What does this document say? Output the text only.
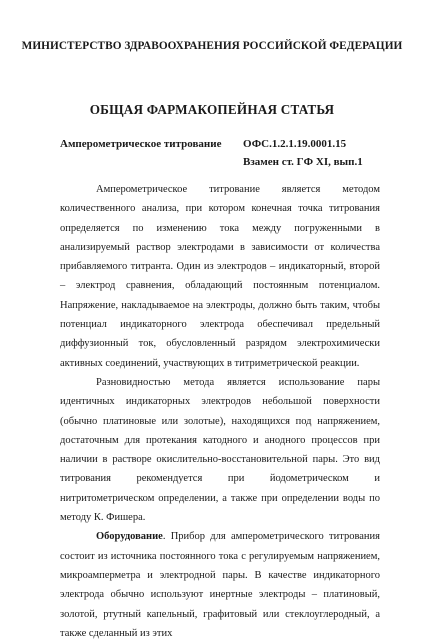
МИНИСТЕРСТВО ЗДРАВООХРАНЕНИЯ РОССИЙСКОЙ ФЕДЕРАЦИИ
ОБЩАЯ ФАРМАКОПЕЙНАЯ СТАТЬЯ
Амперометрическое титрование ОФС.1.2.1.19.0001.15
Взамен ст. ГФ XI, вып.1

Амперометрическое титрование является методом количественного анализа, при котором конечная точка титрования определяется по изменению тока между погруженными в анализируемый раствор электродами в зависимости от количества прибавляемого титранта. Один из электродов – индикаторный, второй – электрод сравнения, обладающий постоянным потенциалом. Напряжение, накладываемое на электроды, должно быть таким, чтобы потенциал индикаторного электрода обеспечивал предельный диффузионный ток, обусловленный разрядом электрохимически активных соединений, участвующих в титриметрической реакции.

Разновидностью метода является использование пары идентичных индикаторных электродов небольшой поверхности (обычно платиновые или золотые), находящихся под напряжением, достаточным для протекания катодного и анодного процессов при наличии в растворе окислительно-восстановительной пары. Это вид титрования рекомендуется при йодометрическом и нитритометрическом определении, а также при определении воды по методу К. Фишера.

Оборудование. Прибор для амперометрического титрования состоит из источника постоянного тока с регулируемым напряжением, микроамперметра и электродной пары. В качестве индикаторного электрода обычно используют инертные электроды – платиновый, золотой, ртутный капельный, графитовый или стеклоуглеродный, а также сделанный из этих
